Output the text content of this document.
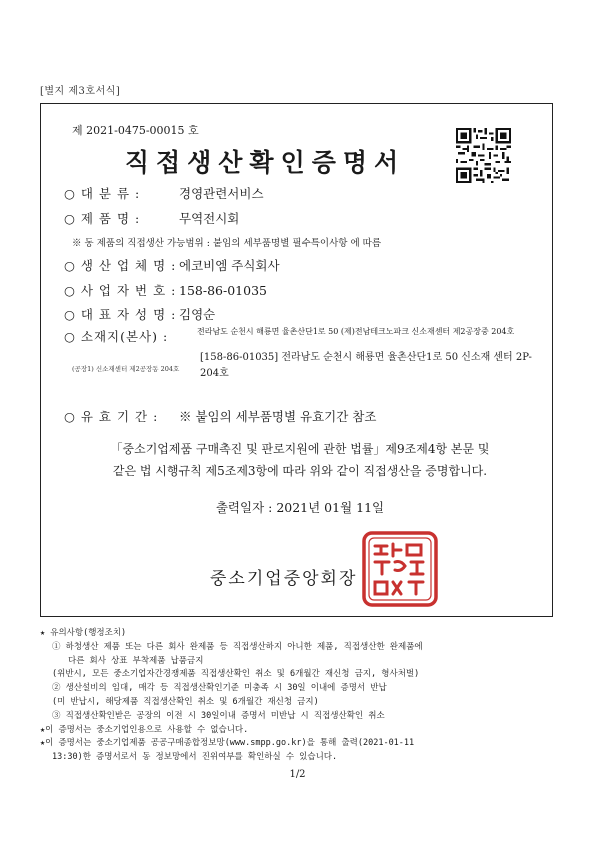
[별지 제3호서식]
제 2021-0475-00015 호
직접생산확인증명서
○ 대 분 류 :	경영관련서비스
○ 제 품 명 :	무역전시회
※ 동 제품의 직접생산 가능범위 : 붙임의 세부품명별 필수특이사항 에 따름
○ 생 산 업 체 명 : 에코비엠 주식회사
○ 사 업 자 번 호 : 158-86-01035
○ 대 표 자 성 명 : 김영순
○ 소재지(본사) :	전라남도 순천시 해룡면 율촌산단1로 50 (제)전남테크노파크 신소재센터 제2공장중 204호
(공장1) 신소재센터 제2공장동 204호
[158-86-01035] 전라남도 순천시 해룡면 율촌산단1로 50 신소재 센터 2P-204호
○ 유 효 기 간 : ※ 붙임의 세부품명별 유효기간 참조
「중소기업제품 구매촉진 및 판로지원에 관한 법률」제9조제4항 본문 및
같은 법 시행규칙 제5조제3항에 따라 위와 같이 직접생산을 증명합니다.
출력일자 : 2021년 01월 11일
중소기업중앙회장
★ 유의사항(행정조치)
① 하청생산 제품 또는 다른 회사 완제품 등 직접생산하지 아니한 제품, 직접생산한 완제품에
다른 회사 상표 부착제품 납품금지
(위반시, 모든 중소기업자간경쟁제품 직접생산확인 취소 및 6개월간 재신청 금지, 형사처벌)
② 생산설비의 임대, 매각 등 직접생산확인기준 미충족 시 30일 이내에 증명서 반납
(미 반납시, 해당제품 직접생산확인 취소 및 6개월간 재신청 금지)
③ 직접생산확인받은 공장의 이전 시 30일이내 증명서 미반납 시 직접생산확인 취소
★이 증명서는 중소기업인용으로 사용할 수 없습니다.
★이 증명서는 중소기업제품 공공구매종합정보망(www.smpp.go.kr)을 통해 출력(2021-01-11
13:30)한 증명서로서 동 정보망에서 진위여부를 확인하실 수 있습니다.
1/2
